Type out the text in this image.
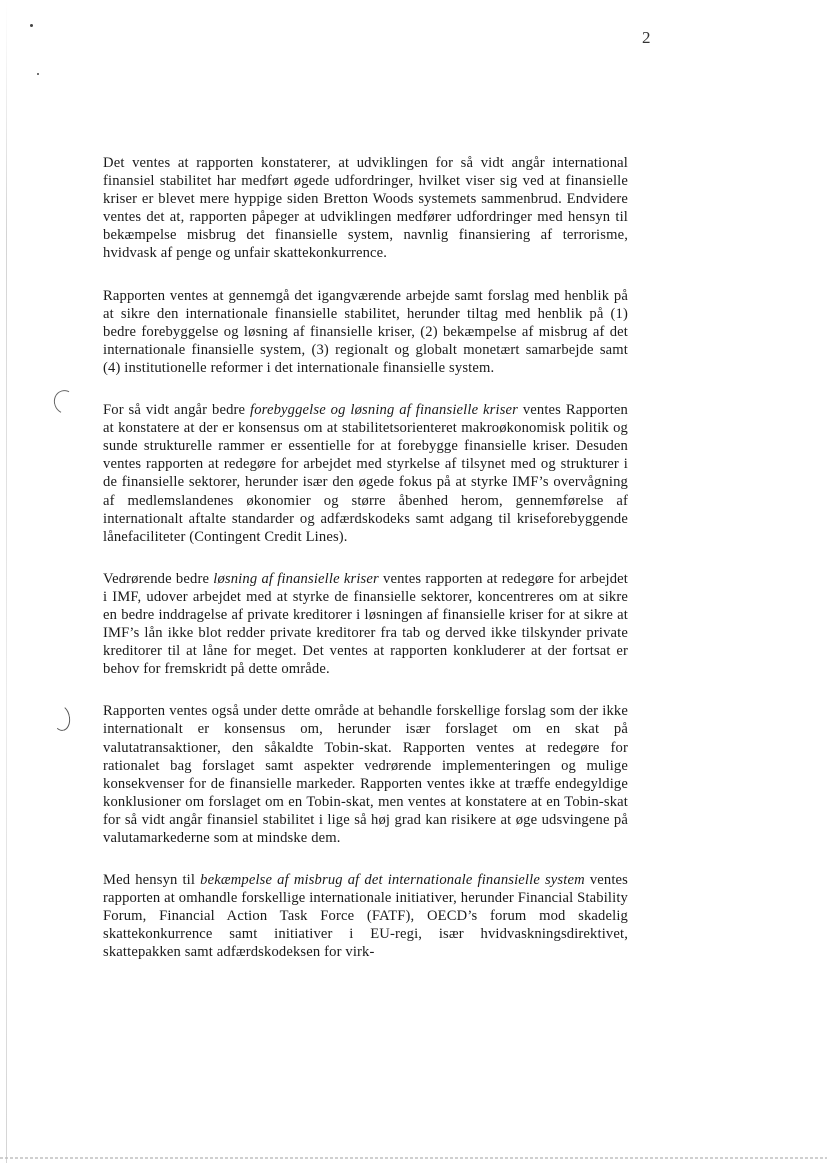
2

Det ventes at rapporten konstaterer, at udviklingen for så vidt angår international finansiel stabilitet har medført øgede udfordringer, hvilket viser sig ved at finansielle kriser er blevet mere hyppige siden Bretton Woods systemets sammenbrud. Endvidere ventes det at, rapporten påpeger at udviklingen medfører udfordringer med hensyn til bekæmpelse misbrug det finansielle system, navnlig finansiering af terrorisme, hvidvask af penge og unfair skattekonkurrence.

Rapporten ventes at gennemgå det igangværende arbejde samt forslag med henblik på at sikre den internationale finansielle stabilitet, herunder tiltag med henblik på (1) bedre forebyggelse og løsning af finansielle kriser, (2) bekæmpelse af misbrug af det internationale finansielle system, (3) regionalt og globalt monetært samarbejde samt (4) institutionelle reformer i det internationale finansielle system.

For så vidt angår bedre forebyggelse og løsning af finansielle kriser ventes Rapporten at konstatere at der er konsensus om at stabilitetsorienteret makroøkonomisk politik og sunde strukturelle rammer er essentielle for at forebygge finansielle kriser. Desuden ventes rapporten at redegøre for arbejdet med styrkelse af tilsynet med og strukturer i de finansielle sektorer, herunder især den øgede fokus på at styrke IMF’s overvågning af medlemslandenes økonomier og større åbenhed herom, gennemførelse af internationalt aftalte standarder og adfærdskodeks samt adgang til kriseforebyggende lånefaciliteter (Contingent Credit Lines).

Vedrørende bedre løsning af finansielle kriser ventes rapporten at redegøre for arbejdet i IMF, udover arbejdet med at styrke de finansielle sektorer, koncentreres om at sikre en bedre inddragelse af private kreditorer i løsningen af finansielle kriser for at sikre at IMF’s lån ikke blot redder private kreditorer fra tab og derved ikke tilskynder private kreditorer til at låne for meget. Det ventes at rapporten konkluderer at der fortsat er behov for fremskridt på dette område.

Rapporten ventes også under dette område at behandle forskellige forslag som der ikke internationalt er konsensus om, herunder især forslaget om en skat på valutatransaktioner, den såkaldte Tobin-skat. Rapporten ventes at redegøre for rationalet bag forslaget samt aspekter vedrørende implementeringen og mulige konsekvenser for de finansielle markeder. Rapporten ventes ikke at træffe endegyldige konklusioner om forslaget om en Tobin-skat, men ventes at konstatere at en Tobin-skat for så vidt angår finansiel stabilitet i lige så høj grad kan risikere at øge udsvingene på valutamarkederne som at mindske dem.

Med hensyn til bekæmpelse af misbrug af det internationale finansielle system ventes rapporten at omhandle forskellige internationale initiativer, herunder Financial Stability Forum, Financial Action Task Force (FATF), OECD’s forum mod skadelig skattekonkurrence samt initiativer i EU-regi, især hvidvaskningsdirektivet, skattepakken samt adfærdskodeksen for virk-
